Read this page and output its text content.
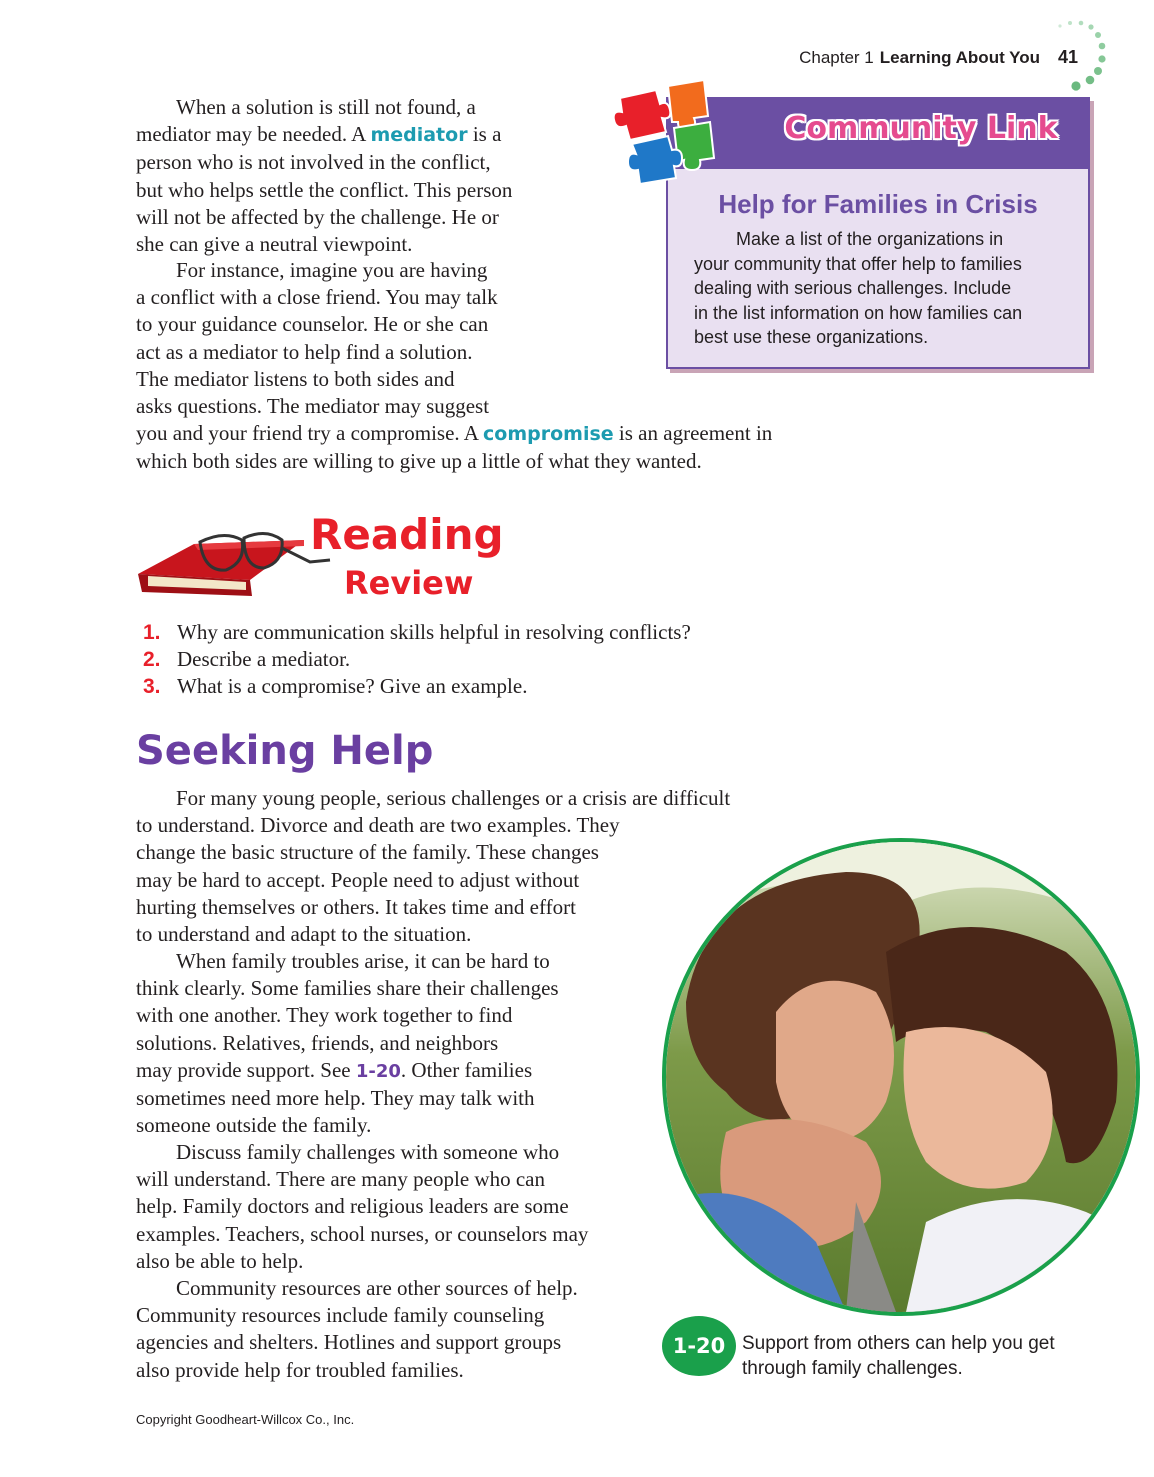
Chapter 1 Learning About You 41
When a solution is still not found, a
mediator may be needed. A mediator is a
person who is not involved in the conflict,
but who helps settle the conflict. This person
will not be affected by the challenge. He or
she can give a neutral viewpoint.
For instance, imagine you are having
a conflict with a close friend. You may talk
to your guidance counselor. He or she can
act as a mediator to help find a solution.
The mediator listens to both sides and
asks questions. The mediator may suggest
you and your friend try a compromise. A compromise is an agreement in
which both sides are willing to give up a little of what they wanted.
Community Link
Help for Families in Crisis

Make a list of the organizations in
your community that offer help to families
dealing with serious challenges. Include
in the list information on how families can
best use these organizations.

Reading
Review
1. Why are communication skills helpful in resolving conflicts?
2. Describe a mediator.
3. What is a compromise? Give an example.
Seeking Help
For many young people, serious challenges or a crisis are difficult
to understand. Divorce and death are two examples. They
change the basic structure of the family. These changes
may be hard to accept. People need to adjust without
hurting themselves or others. It takes time and effort
to understand and adapt to the situation.
When family troubles arise, it can be hard to
think clearly. Some families share their challenges
with one another. They work together to find
solutions. Relatives, friends, and neighbors
may provide support. See 1-20. Other families
sometimes need more help. They may talk with
someone outside the family.
Discuss family challenges with someone who
will understand. There are many people who can
help. Family doctors and religious leaders are some
examples. Teachers, school nurses, or counselors may
also be able to help.
Community resources are other sources of help.
Community resources include family counseling
agencies and shelters. Hotlines and support groups
also provide help for troubled families.
1-20 Support from others can help you get
through family challenges.

Copyright Goodheart-Willcox Co., Inc.
